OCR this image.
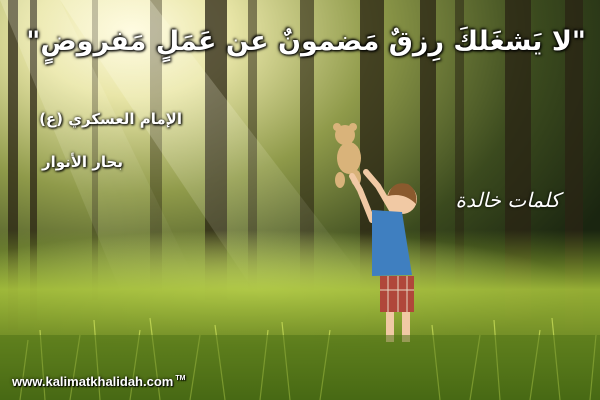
"لا يَشغَلكَ رِزقٌ مَضمونٌ عن عَمَلٍ مَفروضٍ"
الإمام العسكري (ع)
بحار الأنوار
كلمات خالدة
www.kalimatkhalidah.com ™
